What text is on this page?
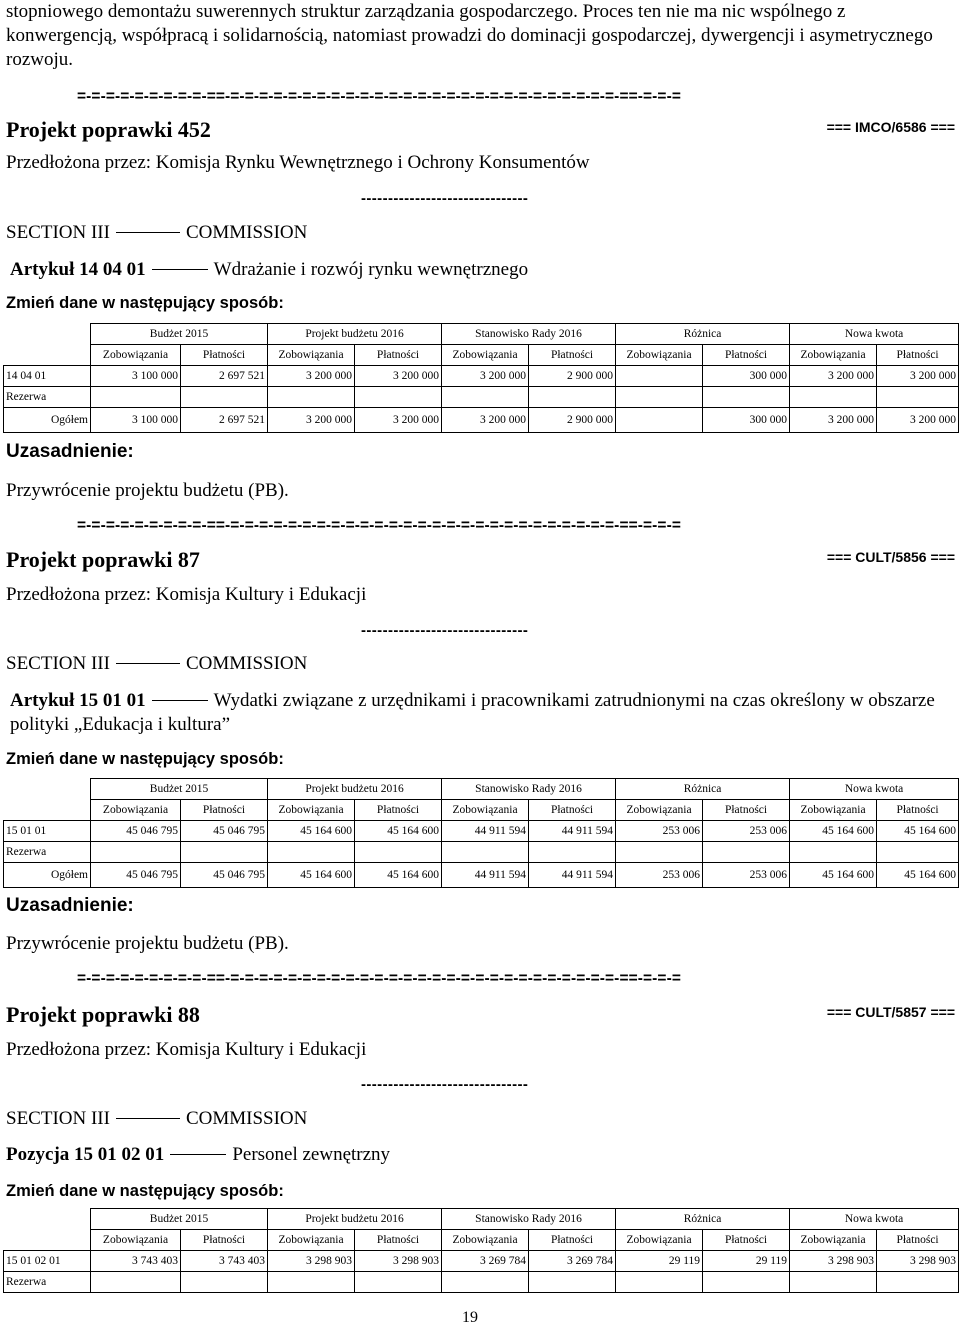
stopniowego demontażu suwerennych struktur zarządzania gospodarczego. Proces ten nie ma nic wspólnego z konwergencją, współpracą i solidarnością, natomiast prowadzi do dominacji gospodarczej, dywergencji i asymetrycznego rozwoju.
=-=-=-=-=-=-=-=-=-==-=-=-=-=-=-=-=-=-=-=-=-=-=-=-=-=-=-=-=-=-=-=-=-=-=-=-=-==-=-=-=
Projekt poprawki 452	=== IMCO/6586 ===
Przedłożona przez: Komisja Rynku Wewnętrznego i Ochrony Konsumentów
-------------------------------
SECTION III	COMMISSION
Artykuł 14 04 01	Wdrażanie i rozwój rynku wewnętrznego
Zmień dane w następujący sposób:
	Budżet 2015		Projekt budżetu 2016		Stanowisko Rady 2016		Różnica		Nowa kwota	
	Zobowiązania	Płatności	Zobowiązania	Płatności	Zobowiązania	Płatności	Zobowiązania	Płatności	Zobowiązania	Płatności
14 04 01	3 100 000	2 697 521	3 200 000	3 200 000	3 200 000	2 900 000		300 000	3 200 000	3 200 000
Rezerwa										
Ogółem	3 100 000	2 697 521	3 200 000	3 200 000	3 200 000	2 900 000		300 000	3 200 000	3 200 000
Uzasadnienie:
Przywrócenie projektu budżetu (PB).
=-=-=-=-=-=-=-=-=-==-=-=-=-=-=-=-=-=-=-=-=-=-=-=-=-=-=-=-=-=-=-=-=-=-=-=-=-==-=-=-=
Projekt poprawki 87	=== CULT/5856 ===
Przedłożona przez: Komisja Kultury i Edukacji
-------------------------------
SECTION III	COMMISSION
Artykuł 15 01 01	Wydatki związane z urzędnikami i pracownikami zatrudnionymi na czas określony w obszarze polityki „Edukacja i kultura”
Zmień dane w następujący sposób:
	Budżet 2015		Projekt budżetu 2016		Stanowisko Rady 2016		Różnica		Nowa kwota	
	Zobowiązania	Płatności	Zobowiązania	Płatności	Zobowiązania	Płatności	Zobowiązania	Płatności	Zobowiązania	Płatności
15 01 01	45 046 795	45 046 795	45 164 600	45 164 600	44 911 594	44 911 594	253 006	253 006	45 164 600	45 164 600
Rezerwa										
Ogółem	45 046 795	45 046 795	45 164 600	45 164 600	44 911 594	44 911 594	253 006	253 006	45 164 600	45 164 600
Uzasadnienie:
Przywrócenie projektu budżetu (PB).
=-=-=-=-=-=-=-=-=-==-=-=-=-=-=-=-=-=-=-=-=-=-=-=-=-=-=-=-=-=-=-=-=-=-=-=-=-==-=-=-=
Projekt poprawki 88	=== CULT/5857 ===
Przedłożona przez: Komisja Kultury i Edukacji
-------------------------------
SECTION III	COMMISSION
Pozycja 15 01 02 01	Personel zewnętrzny
Zmień dane w następujący sposób:
	Budżet 2015		Projekt budżetu 2016		Stanowisko Rady 2016		Różnica		Nowa kwota	
	Zobowiązania	Płatności	Zobowiązania	Płatności	Zobowiązania	Płatności	Zobowiązania	Płatności	Zobowiązania	Płatności
15 01 02 01	3 743 403	3 743 403	3 298 903	3 298 903	3 269 784	3 269 784	29 119	29 119	3 298 903	3 298 903
Rezerwa										
19
